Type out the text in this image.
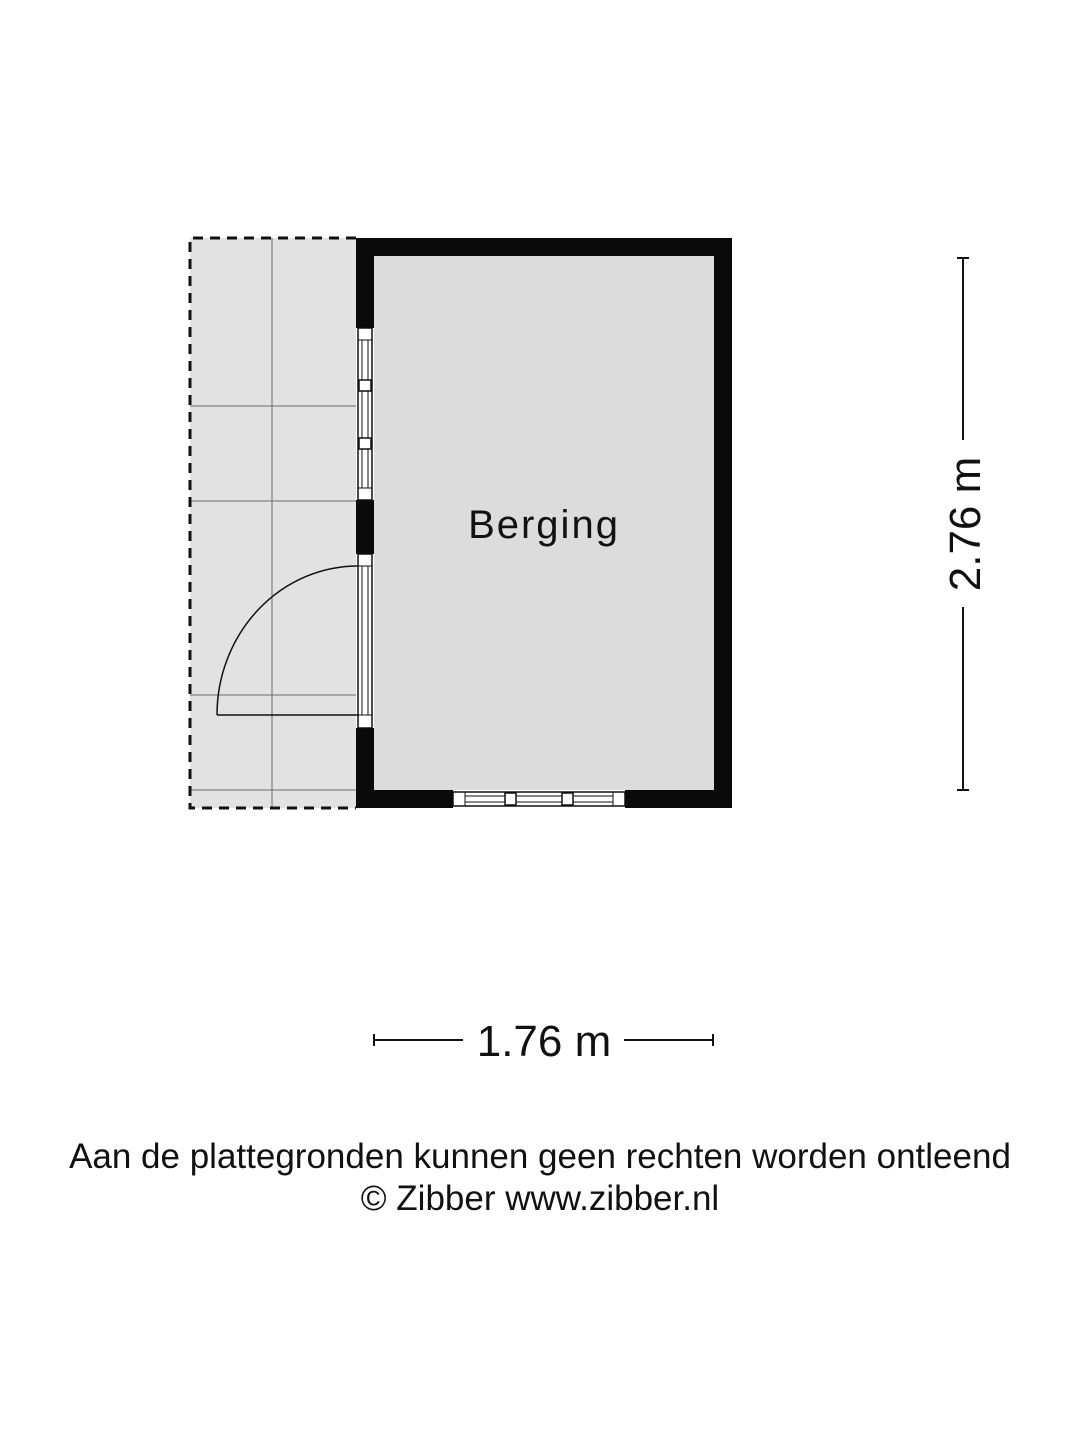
Berging	2.76 m
1.76 m
Aan de plattegronden kunnen geen rechten worden ontleend
© Zibber www.zibber.nl
